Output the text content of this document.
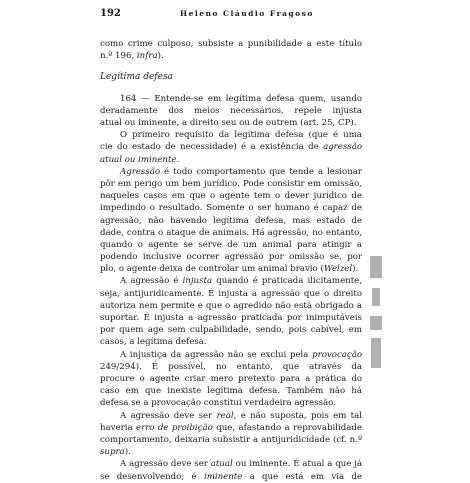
192	Heleno Cláudio Fragoso
como crime culposo, subsiste a punibilidade a este título
n.º 196, infra).
Legítima defesa
164 — Entende-se em legítima defesa quem, usando
deradamente dos meios necessários, repele injusta
atual ou iminente, a direito seu ou de outrem (art. 25, CP).
O primeiro requisito da legítima defesa (que é uma
cie do estado de necessidade) é a existência de agressão
atual ou iminente.
Agressão é todo comportamento que tende a lesionar
pôr em perigo um bem jurídico. Pode consistir em omissão,
naqueles casos em que o agente tem o dever jurídico de
impedindo o resultado. Somente o ser humano é capaz de
agressão, não havendo legítima defesa, mas estado de
dade, contra o ataque de animais. Há agressão, no entanto,
quando o agente se serve de um animal para atingir a
podendo inclusive ocorrer agressão por omissão se, por
plo, o agente deixa de controlar um animal bravio (Welzel).
A agressão é injusta quando é praticada ilicitamente,
seja, antijuridicamente. É injusta a agressão que o direito
autoriza nem permite e que o agredido não está obrigado a
suportar. É injusta a agressão praticada por inimputáveis
por quem age sem culpabilidade, sendo, pois cabível, em
casos, a legítima defesa.
A injustiça da agressão não se exclui pela provocação
249/294). É possível, no entanto, que através da
procure o agente criar mero pretexto para a prática do
caso em que inexiste legítima defesa. Também não há
defesa se a provocação constitui verdadeira agressão.
A agressão deve ser real, e não suposta, pois em tal
haveria erro de proibição que, afastando a reprovabilidade
comportamento, deixaria subsistir a antijuridicidade (cf. n.º
supra).
A agressão deve ser atual ou iminente. É atual a que já
se desenvolvendo; é iminente a que está em via de
